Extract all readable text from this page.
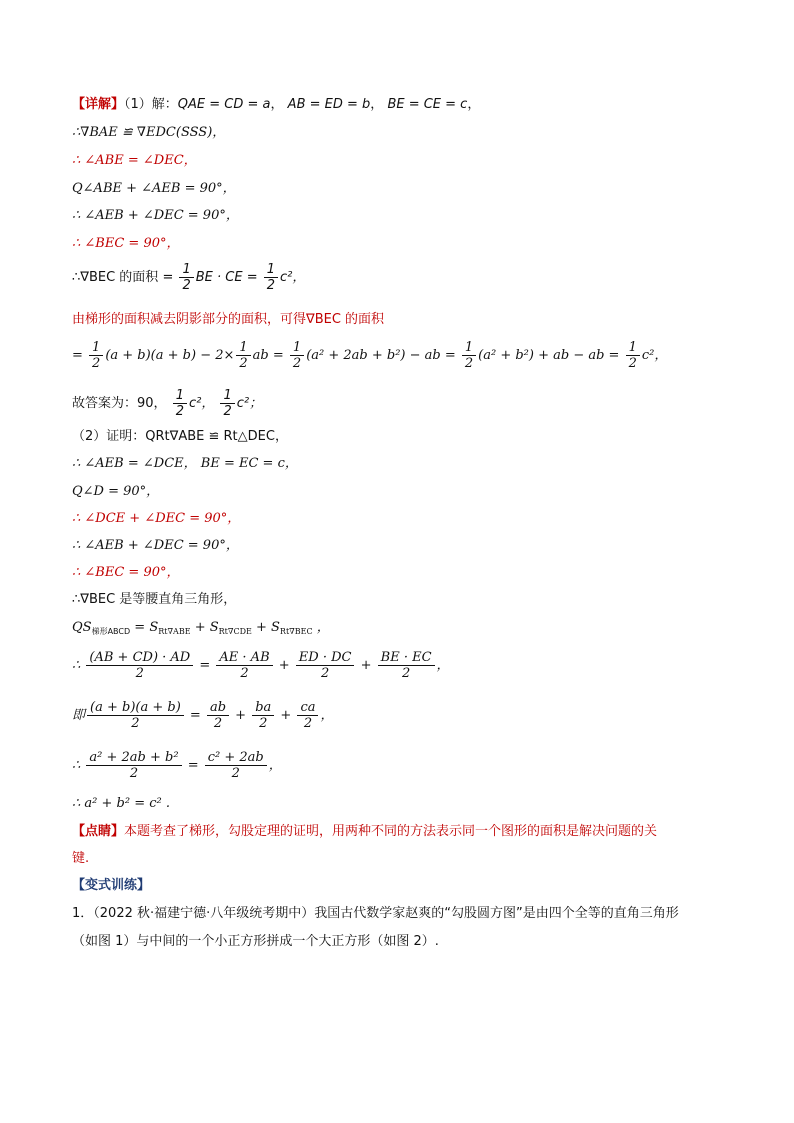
【详解】（1）解：QAE = CD = a， AB = ED = b， BE = CE = c，
∴∇BAE ≌ ∇EDC(SSS)，
∴ ∠ABE = ∠DEC，
Q∠ABE + ∠AEB = 90°，
∴ ∠AEB + ∠DEC = 90°，
∴ ∠BEC = 90°，
∴∇BEC 的面积 = $\frac{1}{2}$ BE · CE = $\frac{1}{2} c^2$，
由梯形的面积减去阴影部分的面积，可得∇BEC 的面积
= $\frac{1}{2} (a + b)(a + b) - 2\times \frac{1}{2}$ ab = $\frac{1}{2} (a^2 + 2ab + b^2)$ − ab = $\frac{1}{2} (a^2 + b^2)$ + ab − ab = $\frac{1}{2} c^2$，
故答案为：90， $\frac{1}{2} c^2$， $\frac{1}{2} c^2$；
（2）证明：QRt∇ABE ≌ Rt△DEC，
∴ ∠AEB = ∠DCE， BE = EC = c，
Q∠D = 90°，
∴ ∠DCE + ∠DEC = 90°，
∴ ∠AEB + ∠DEC = 90°，
∴ ∠BEC = 90°，
∴∇BEC 是等腰直角三角形，
$QS_{梯形ABCD} = S_{Rt\nabla ABE} + S_{Rt\nabla CDE} + S_{Rt\nabla BEC}$ ，
∴ $\frac{(AB + CD) \cdot AD}{2} = \frac{AE \cdot AB}{2} + \frac{ED \cdot DC}{2} + \frac{BE \cdot EC}{2}$ ，
即 $\frac{(a + b)(a + b)}{2} = \frac{ab}{2} + \frac{ba}{2} + \frac{ca}{2}$ ，
∴ $\frac{\text{a² + 2ab + b²}}{2} = \frac{\text{c² + 2ab}}{2}$ ，
∴ a² + b² = c² .
【点睛】本题考查了梯形，勾股定理的证明，用两种不同的方法表示同一个图形的面积是解决问题的关
键.
【变式训练】
1．（2022 秋·福建宁德·八年级统考期中）我国古代数学家赵爽的“勾股圆方图”是由四个全等的直角三角形
（如图 1）与中间的一个小正方形拼成一个大正方形（如图 2）.
